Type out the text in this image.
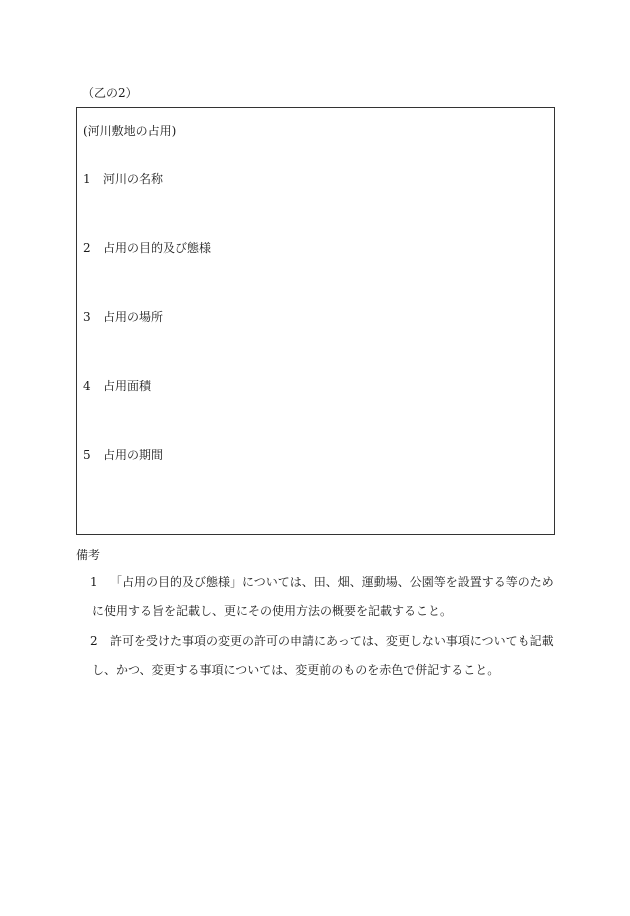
（乙の2）
(河川敷地の占用)
1 河川の名称
2 占用の目的及び態様
3 占用の場所
4 占用面積
5 占用の期間
備考
1 「占用の目的及び態様」については、田、畑、運動場、公園等を設置する等のため
に使用する旨を記載し、更にその使用方法の概要を記載すること。
2 許可を受けた事項の変更の許可の申請にあっては、変更しない事項についても記載
し、かつ、変更する事項については、変更前のものを赤色で併記すること。
